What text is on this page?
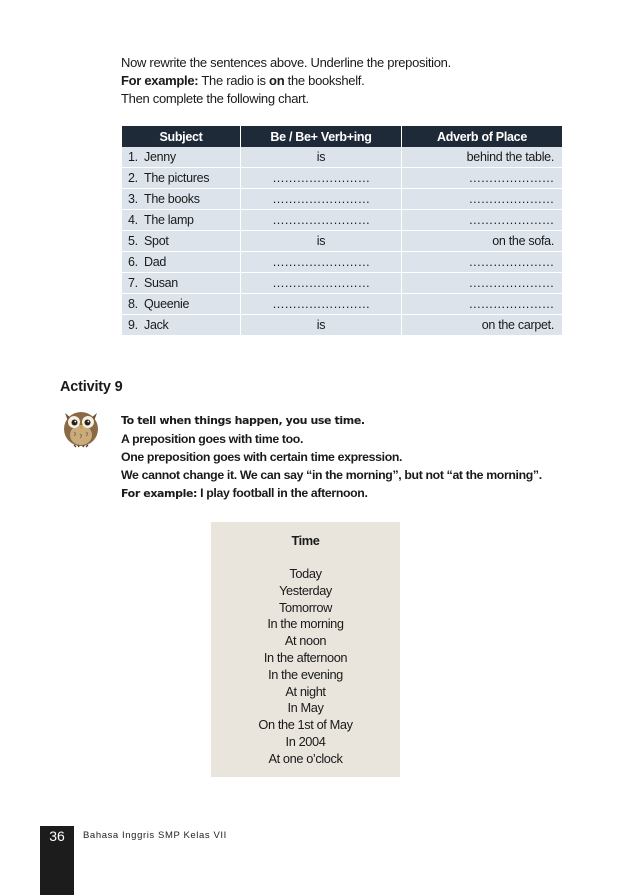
Now rewrite the sentences above. Underline the preposition.

For example: The radio is on the bookshelf.

Then complete the following chart.

Subject	Be / Be+ Verb+ing	Adverb of Place
1. Jenny	is	behind the table.
2. The pictures	……………………	…………………
3. The books	……………………	…………………
4. The lamp	……………………	…………………
5. Spot	is	on the sofa.
6. Dad	……………………	…………………
7. Susan	……………………	…………………
8. Queenie	……………………	…………………
9. Jack	is	on the carpet.
Activity 9

To tell when things happen, you use time.

A preposition goes with time too.

One preposition goes with certain time expression.

We cannot change it. We can say “in the morning”, but not “at the morning”.

For example: I play football in the afternoon.

Time

Today
Yesterday
Tomorrow
In the morning
At noon
In the afternoon
In the evening
At night
In May
On the 1st of May
In 2004
At one o’clock
36	Bahasa Inggris SMP Kelas VII
